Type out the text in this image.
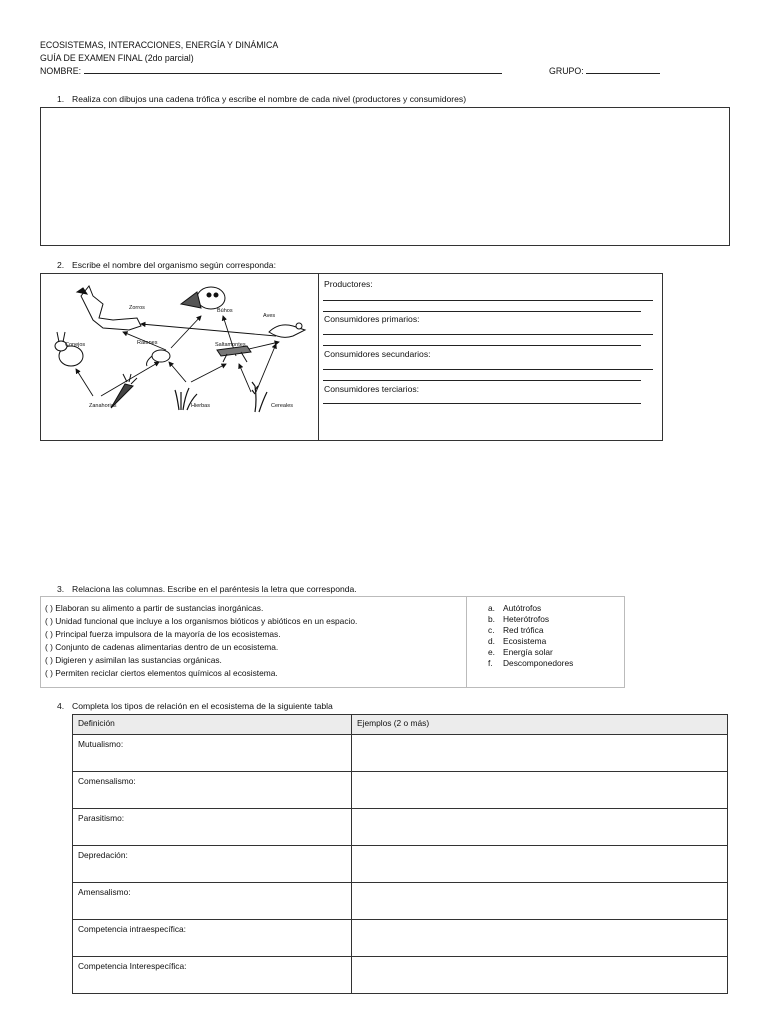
ECOSISTEMAS, INTERACCIONES, ENERGÍA Y DINÁMICA
GUÍA DE EXAMEN FINAL (2do parcial)
NOMBRE:	GRUPO:
1. Realiza con dibujos una cadena trófica y escribe el nombre de cada nivel (productores y consumidores)
2. Escribe el nombre del organismo según corresponda:
Zorros	Búhos
Aves
Conejos	Ratones	Saltamontes
Zanahorias	Hierbas	Cereales
Productores:
Consumidores primarios:
Consumidores secundarios:
Consumidores terciarios:
3. Relaciona las columnas. Escribe en el paréntesis la letra que corresponda.
( ) Elaboran su alimento a partir de sustancias inorgánicas.
( ) Unidad funcional que incluye a los organismos bióticos y abióticos en un espacio.
( ) Principal fuerza impulsora de la mayoría de los ecosistemas.
( ) Conjunto de cadenas alimentarias dentro de un ecosistema.
( ) Digieren y asimilan las sustancias orgánicas.
( ) Permiten reciclar ciertos elementos químicos al ecosistema.
a. Autótrofos
b. Heterótrofos
c. Red trófica
d. Ecosistema
e. Energía solar
f. Descomponedores
4. Completa los tipos de relación en el ecosistema de la siguiente tabla
Definición	Ejemplos (2 o más)
Mutualismo:	
Comensalismo:	
Parasitismo:	
Depredación:	
Amensalismo:	
Competencia intraespecífica:	
Competencia Interespecífica:	
